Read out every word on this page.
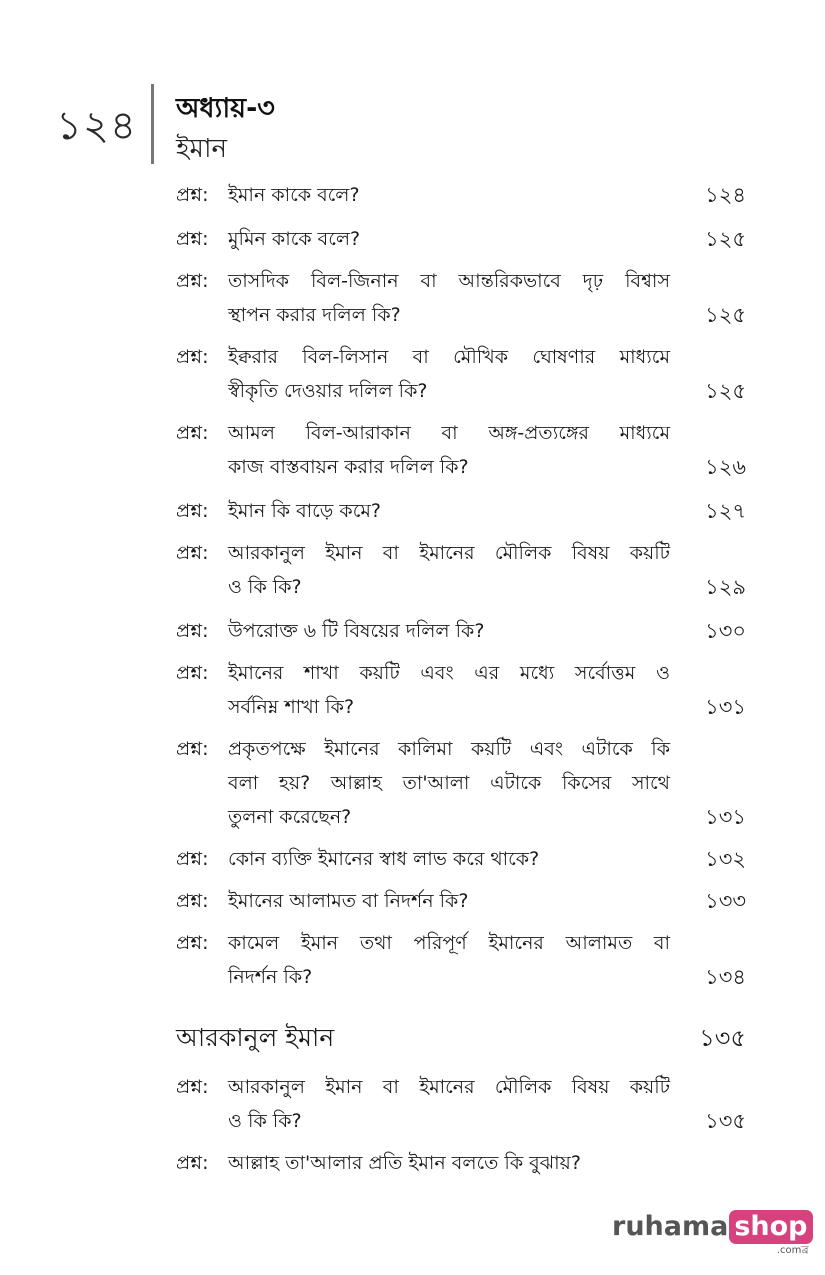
১২৪ অধ্যায়-৩
ইমান
প্রশ্ন: ইমান কাকে বলে?	১২৪
প্রশ্ন: মুমিন কাকে বলে?	১২৫
প্রশ্ন: তাসদিক বিল-জিনান বা আন্তরিকভাবে দৃঢ় বিশ্বাস
স্থাপন করার দলিল কি?	১২৫
প্রশ্ন: ইক্বরার বিল-লিসান বা মৌখিক ঘোষণার মাধ্যমে
স্বীকৃতি দেওয়ার দলিল কি?	১২৫
প্রশ্ন: আমল বিল-আরাকান বা অঙ্গ-প্রত্যঙ্গের মাধ্যমে
কাজ বাস্তবায়ন করার দলিল কি?	১২৬
প্রশ্ন: ইমান কি বাড়ে কমে?	১২৭
প্রশ্ন: আরকানুল ইমান বা ইমানের মৌলিক বিষয় কয়টি
ও কি কি?	১২৯
প্রশ্ন: উপরোক্ত ৬ টি বিষয়ের দলিল কি?	১৩০
প্রশ্ন: ইমানের শাখা কয়টি এবং এর মধ্যে সর্বোত্তম ও
সর্বনিম্ন শাখা কি?	১৩১
প্রশ্ন: প্রকৃতপক্ষে ইমানের কালিমা কয়টি এবং এটাকে কি
বলা হয়? আল্লাহ তা'আলা এটাকে কিসের সাথে
তুলনা করেছেন?	১৩১
প্রশ্ন: কোন ব্যক্তি ইমানের স্বাধ লাভ করে থাকে?	১৩২
প্রশ্ন: ইমানের আলামত বা নিদর্শন কি?	১৩৩
প্রশ্ন: কামেল ইমান তথা পরিপূর্ণ ইমানের আলামত বা
নিদর্শন কি?	১৩৪
আরকানুল ইমান	১৩৫
প্রশ্ন: আরকানুল ইমান বা ইমানের মৌলিক বিষয় কয়টি
ও কি কি?	১৩৫
প্রশ্ন: আল্লাহ তা'আলার প্রতি ইমান বলতে কি বুঝায়?
ruhama shop
.comব্র
